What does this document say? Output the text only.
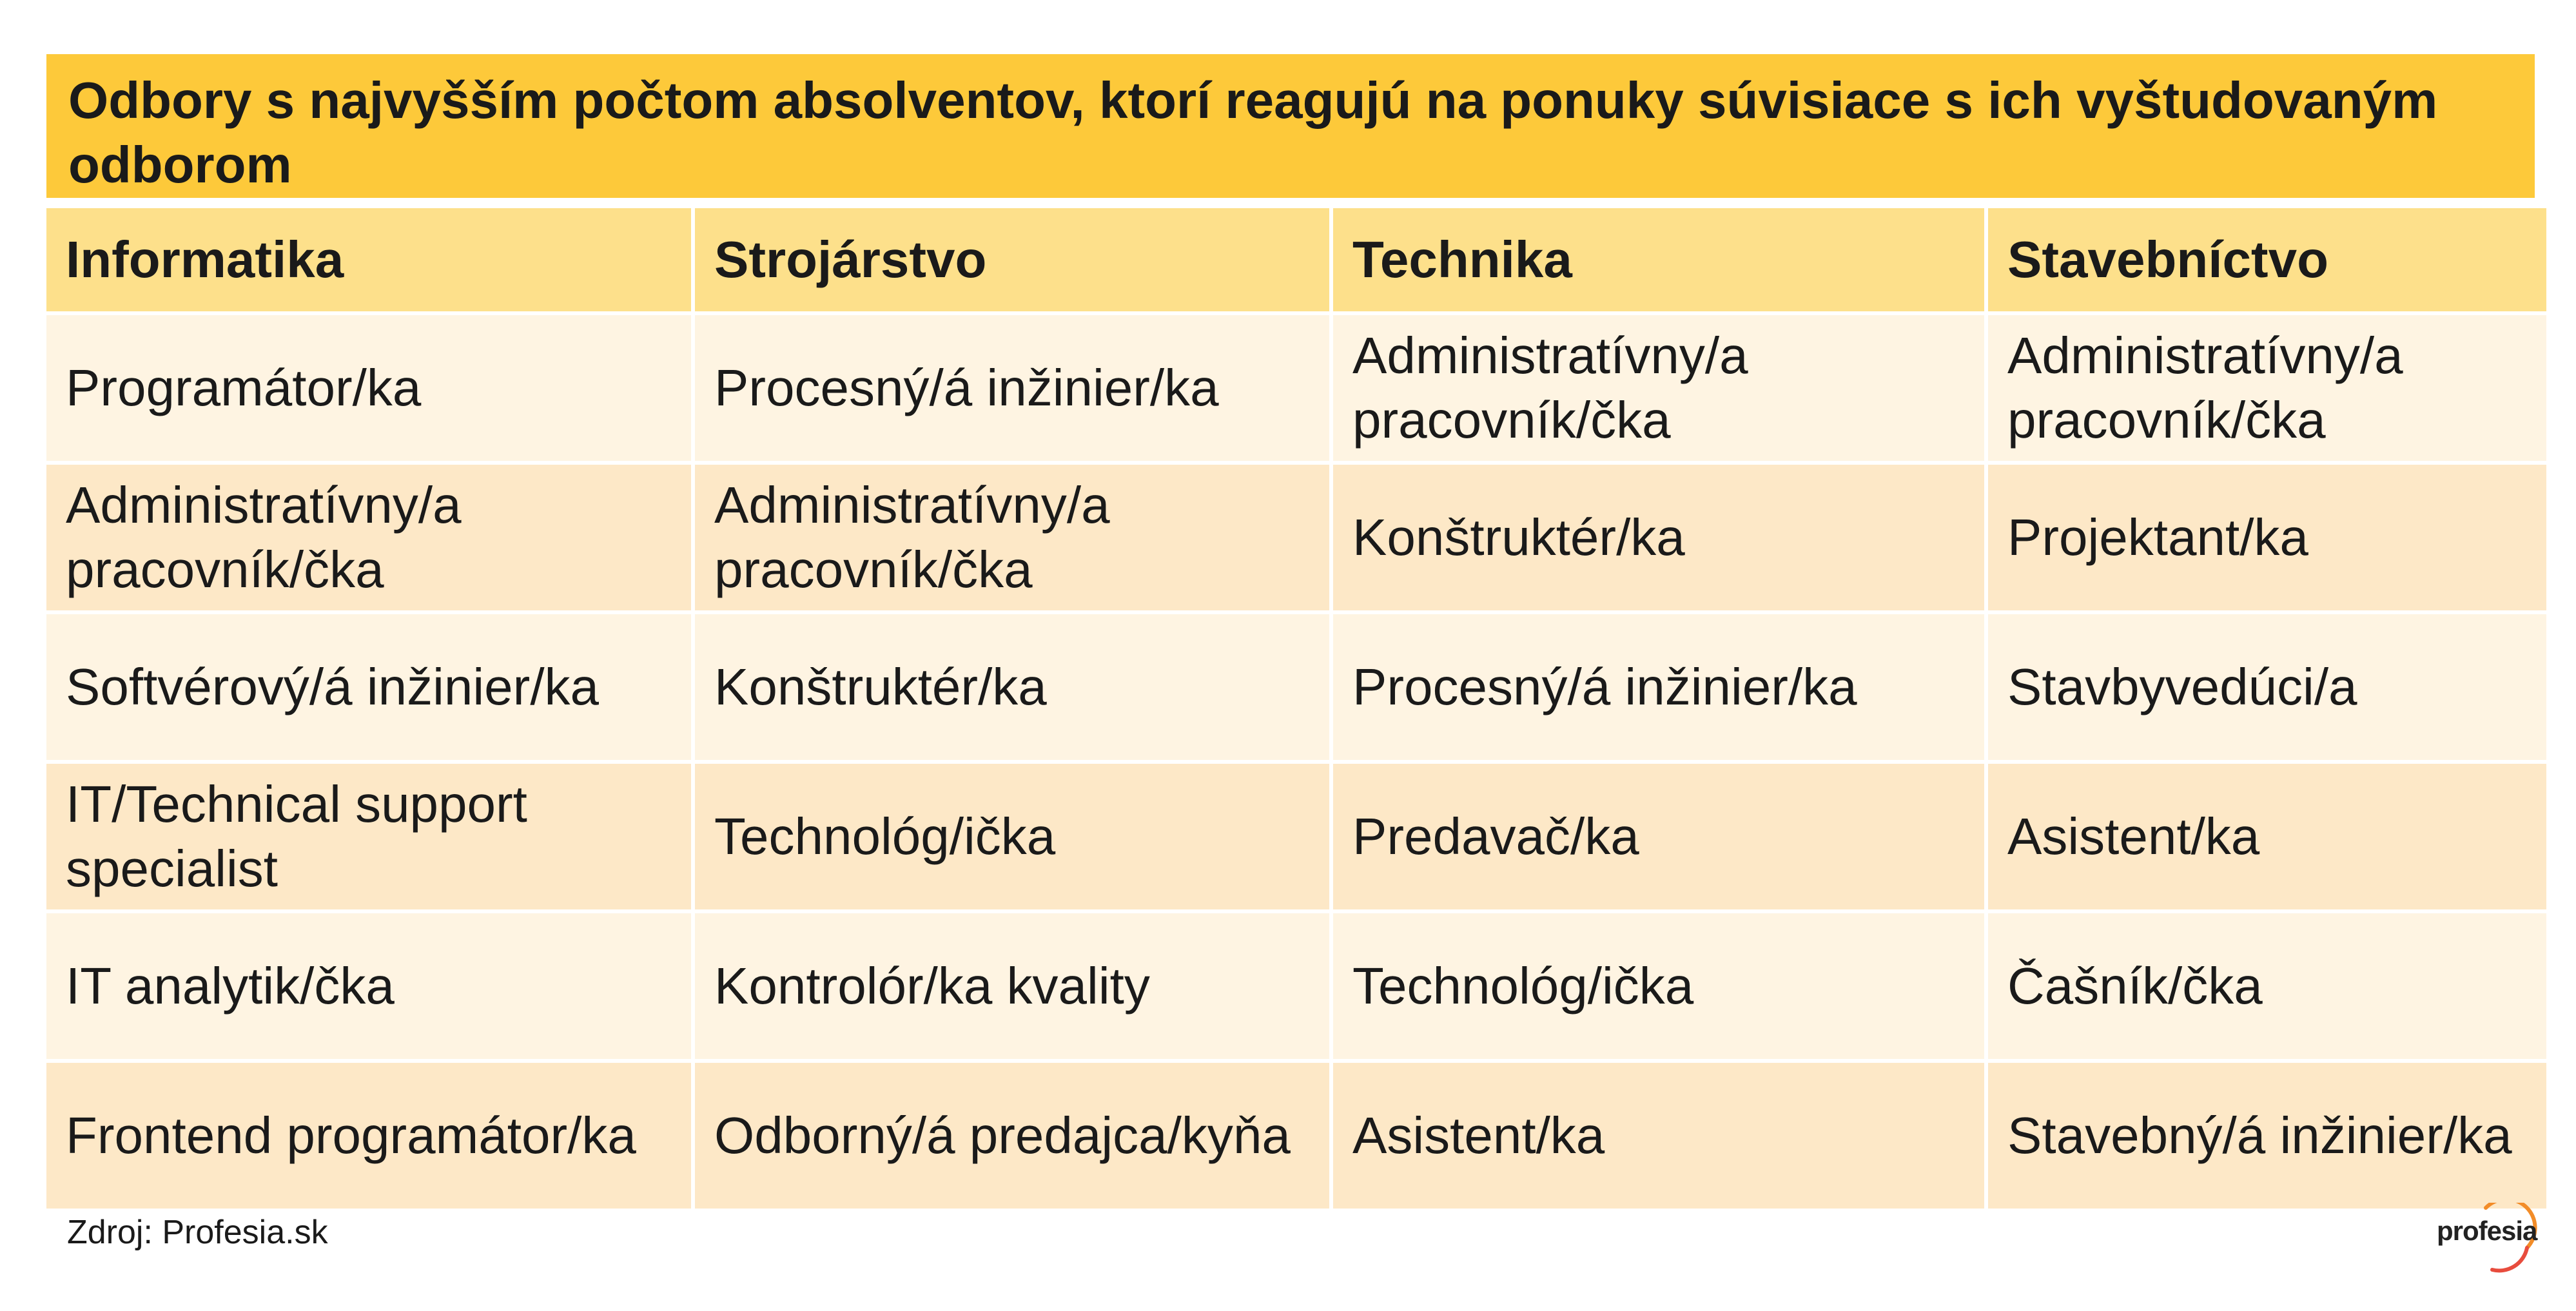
Odbory s najvyšším počtom absolventov, ktorí reagujú na ponuky súvisiace s ich vyštudovaným odborom
Informatika	Strojárstvo	Technika	Stavebníctvo
Programátor/ka	Procesný/á inžinier/ka	Administratívny/a pracovník/čka	Administratívny/a pracovník/čka
Administratívny/a pracovník/čka	Administratívny/a pracovník/čka	Konštruktér/ka	Projektant/ka
Softvérový/á inžinier/ka	Konštruktér/ka	Procesný/á inžinier/ka	Stavbyvedúci/a
IT/Technical support specialist	Technológ/ička	Predavač/ka	Asistent/ka
IT analytik/čka	Kontrolór/ka kvality	Technológ/ička	Čašník/čka
Frontend programátor/ka	Odborný/á predajca/kyňa	Asistent/ka	Stavebný/á inžinier/ka
Zdroj: Profesia.sk	profesia
